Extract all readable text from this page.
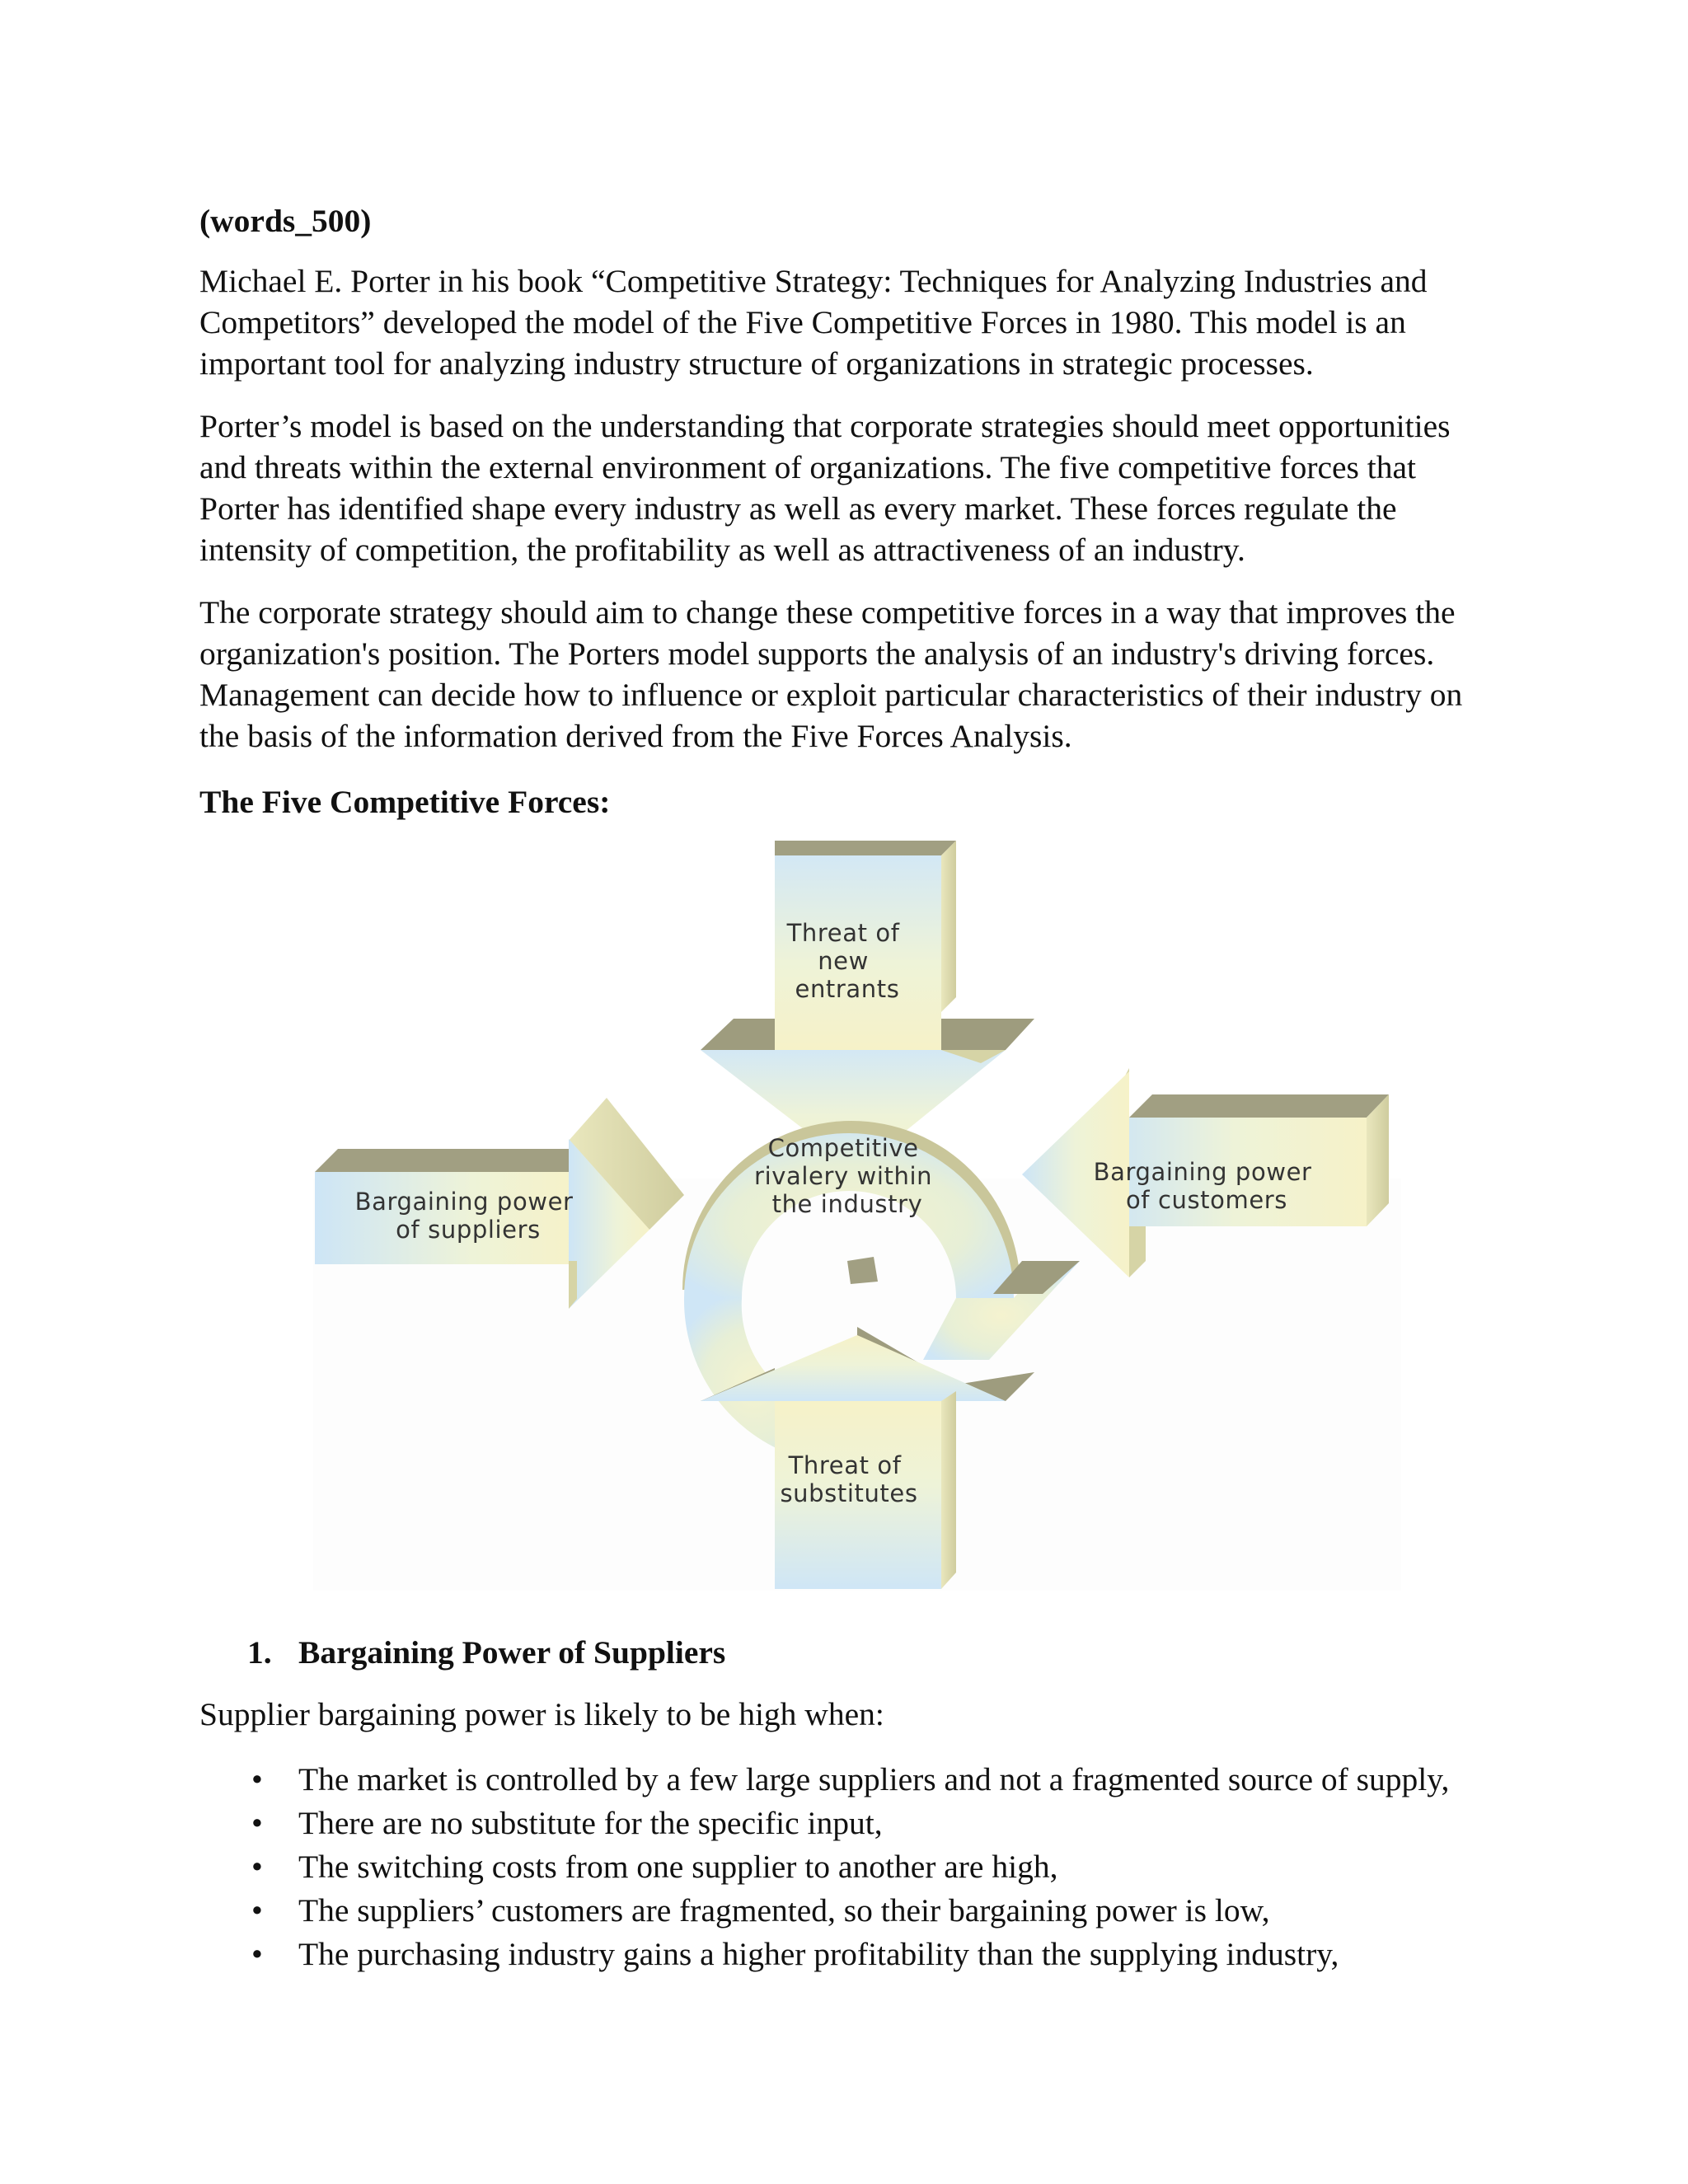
(words_500)

Michael E. Porter in his book “Competitive Strategy: Techniques for Analyzing Industries and Competitors” developed the model of the Five Competitive Forces in 1980. This model is an important tool for analyzing industry structure of organizations in strategic processes.

Porter’s model is based on the understanding that corporate strategies should meet opportunities and threats within the external environment of organizations. The five competitive forces that Porter has identified shape every industry as well as every market. These forces regulate the intensity of competition, the profitability as well as attractiveness of an industry.

The corporate strategy should aim to change these competitive forces in a way that improves the organization's position. The Porters model supports the analysis of an industry's driving forces. Management can decide how to influence or exploit particular characteristics of their industry on the basis of the information derived from the Five Forces Analysis.

The Five Competitive Forces:
Threat of new entrants
Bargaining power of suppliers
Competitive rivalery within the industry
Bargaining power of customers
Threat of substitutes
1. Bargaining Power of Suppliers
Supplier bargaining power is likely to be high when:
• The market is controlled by a few large suppliers and not a fragmented source of supply,
• There are no substitute for the specific input,
• The switching costs from one supplier to another are high,
• The suppliers’ customers are fragmented, so their bargaining power is low,
• The purchasing industry gains a higher profitability than the supplying industry,
